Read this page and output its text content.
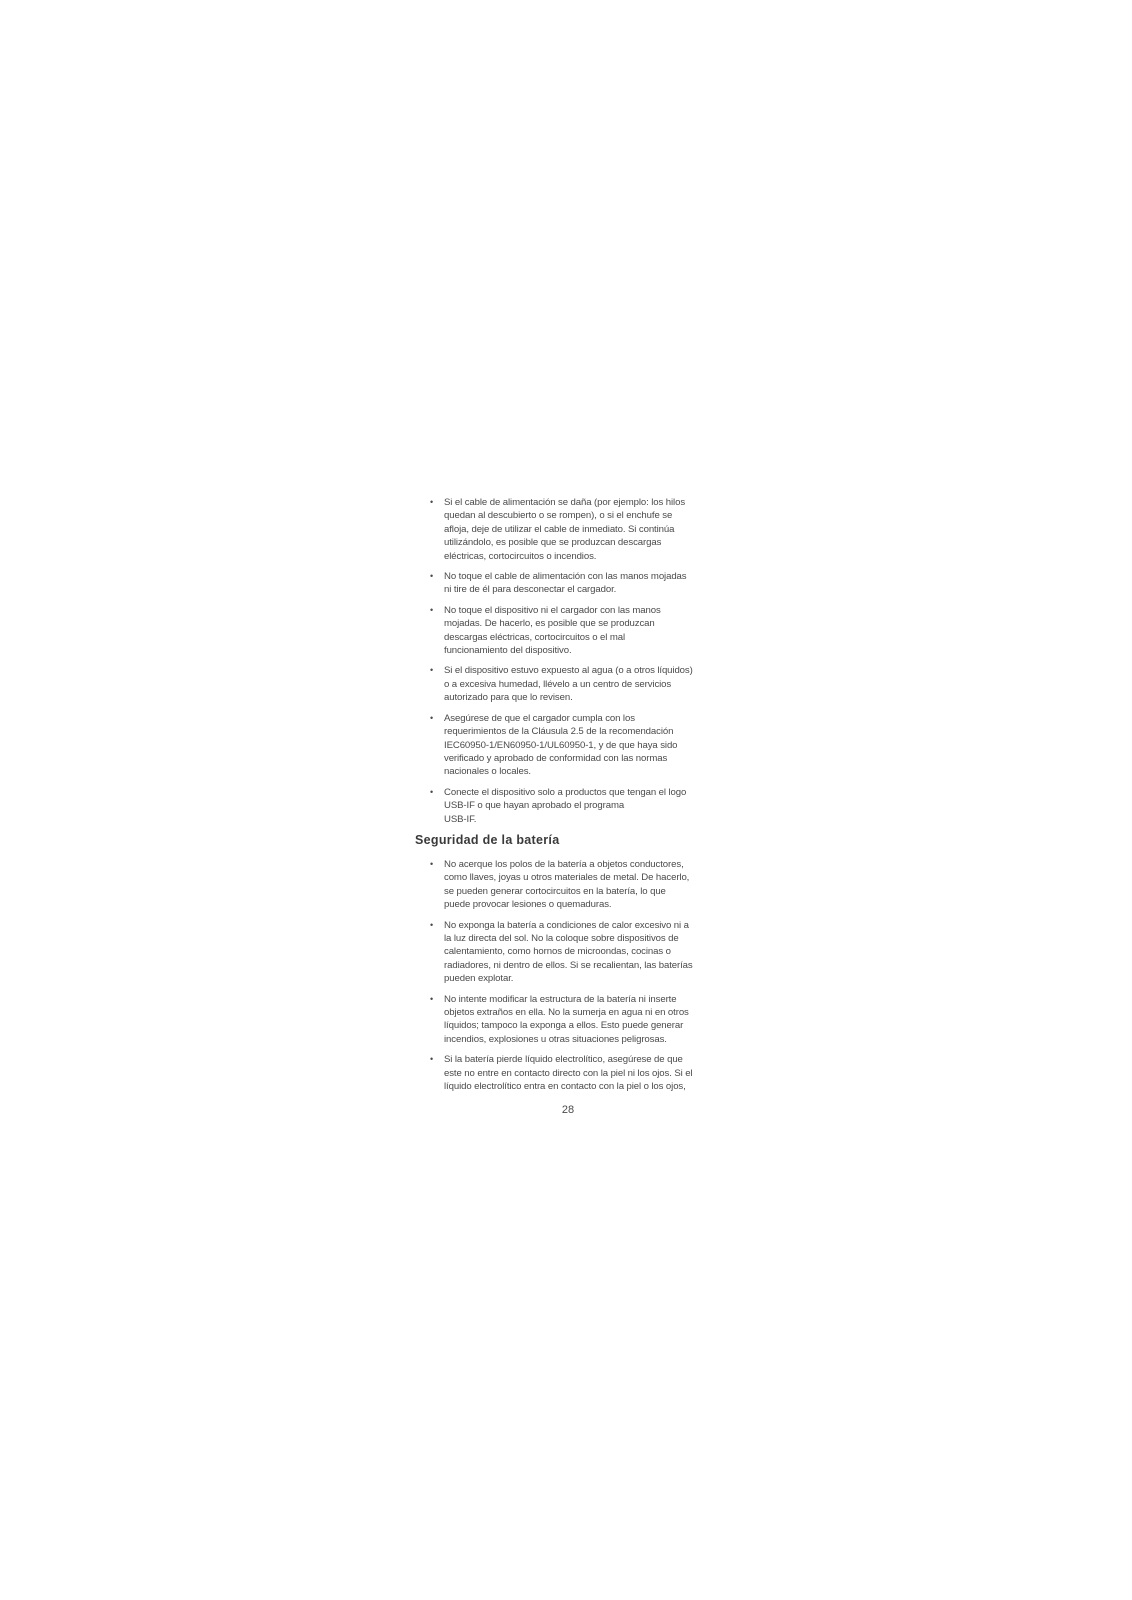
• Si el cable de alimentación se daña (por ejemplo: los hilos
quedan al descubierto o se rompen), o si el enchufe se
afloja, deje de utilizar el cable de inmediato. Si continúa
utilizándolo, es posible que se produzcan descargas
eléctricas, cortocircuitos o incendios.
• No toque el cable de alimentación con las manos mojadas
ni tire de él para desconectar el cargador.
• No toque el dispositivo ni el cargador con las manos
mojadas. De hacerlo, es posible que se produzcan
descargas eléctricas, cortocircuitos o el mal
funcionamiento del dispositivo.
• Si el dispositivo estuvo expuesto al agua (o a otros líquidos)
o a excesiva humedad, llévelo a un centro de servicios
autorizado para que lo revisen.
• Asegúrese de que el cargador cumpla con los
requerimientos de la Cláusula 2.5 de la recomendación
IEC60950-1/EN60950-1/UL60950-1, y de que haya sido
verificado y aprobado de conformidad con las normas
nacionales o locales.
• Conecte el dispositivo solo a productos que tengan el logo
USB-IF o que hayan aprobado el programa
USB-IF.
Seguridad de la batería
• No acerque los polos de la batería a objetos conductores,
como llaves, joyas u otros materiales de metal. De hacerlo,
se pueden generar cortocircuitos en la batería, lo que
puede provocar lesiones o quemaduras.
• No exponga la batería a condiciones de calor excesivo ni a
la luz directa del sol. No la coloque sobre dispositivos de
calentamiento, como hornos de microondas, cocinas o
radiadores, ni dentro de ellos. Si se recalientan, las baterías
pueden explotar.
• No intente modificar la estructura de la batería ni inserte
objetos extraños en ella. No la sumerja en agua ni en otros
líquidos; tampoco la exponga a ellos. Esto puede generar
incendios, explosiones u otras situaciones peligrosas.
• Si la batería pierde líquido electrolítico, asegúrese de que
este no entre en contacto directo con la piel ni los ojos. Si el
líquido electrolítico entra en contacto con la piel o los ojos,
28
